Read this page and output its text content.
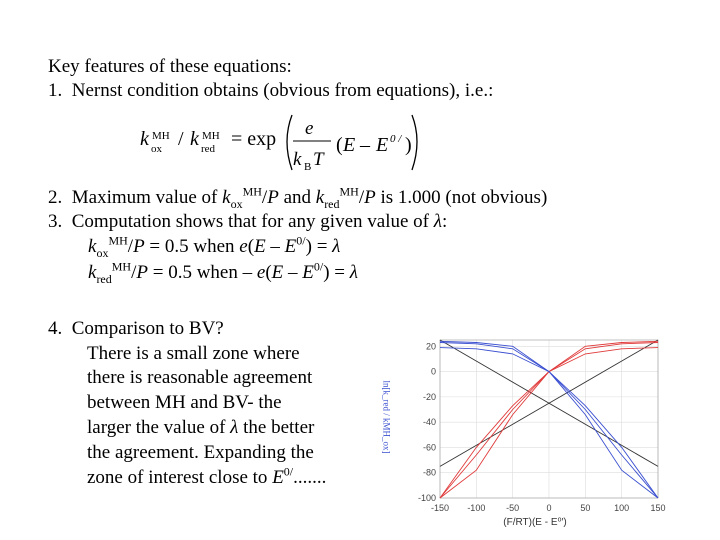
Key features of these equations:
1. Nernst condition obtains (obvious from equations), i.e.:
k MH
ox / k MH
red = exp e
k B T
( E – E 0 / )
2. Maximum value of $k_{ox}^{MH}/P$ and $k_{red}^{MH}/P$ is 1.000 (not obvious)
3. Computation shows that for any given value of λ:
$k_{ox}^{MH}/P = 0.5$ when $e(E - E^{0/}) = \lambda$
$k_{red}^{MH}/P = 0.5$ when – $e(E - E^{0/}) = \lambda$
-150 -100 -50	0	50	100 150
20
0
-20
-40
-60
-80
-100
(F/RT)(E - E⁰′)
ln[k_red / kMH_ox]
4. Comparison to BV?
There is a small zone where
there is reasonable agreement
between MH and BV- the
larger the value of λ the better
the agreement. Expanding the
zone of interest close to $E^{0/}$.......
